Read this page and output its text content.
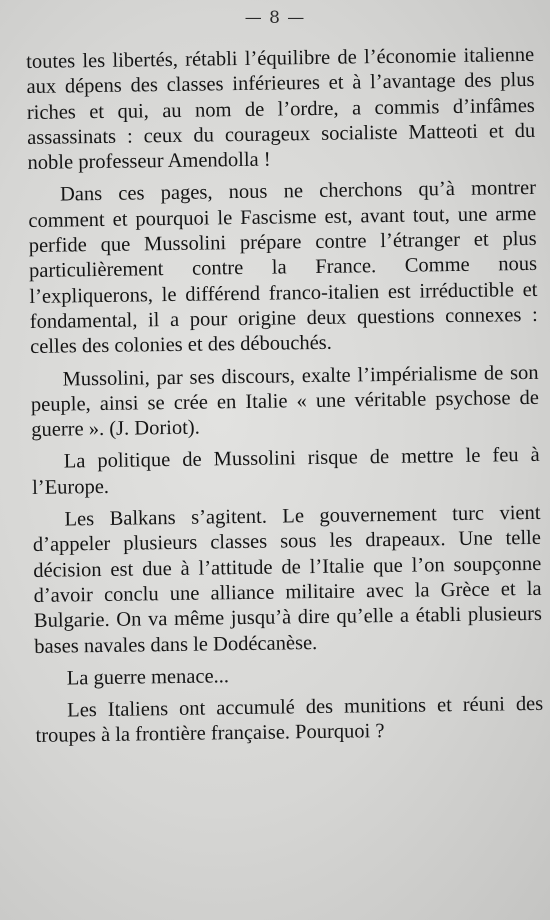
— 8 —

toutes les libertés, rétabli l’équilibre de l’économie italienne aux dépens des classes inférieures et à l’avantage des plus riches et qui, au nom de l’ordre, a commis d’infâmes assassinats : ceux du courageux socialiste Matteoti et du noble professeur Amendolla !

Dans ces pages, nous ne cherchons qu’à montrer comment et pourquoi le Fascisme est, avant tout, une arme perfide que Mussolini prépare contre l’étranger et plus particulièrement contre la France. Comme nous l’expliquerons, le différend franco-italien est irréductible et fondamental, il a pour origine deux questions connexes : celles des colonies et des débouchés.

Mussolini, par ses discours, exalte l’impérialisme de son peuple, ainsi se crée en Italie « une véritable psychose de guerre ». (J. Doriot).

La politique de Mussolini risque de mettre le feu à l’Europe.

Les Balkans s’agitent. Le gouvernement turc vient d’appeler plusieurs classes sous les drapeaux. Une telle décision est due à l’attitude de l’Italie que l’on soupçonne d’avoir conclu une alliance militaire avec la Grèce et la Bulgarie. On va même jusqu’à dire qu’elle a établi plusieurs bases navales dans le Dodécanèse.

La guerre menace...

Les Italiens ont accumulé des munitions et réuni des troupes à la frontière française. Pourquoi ?
